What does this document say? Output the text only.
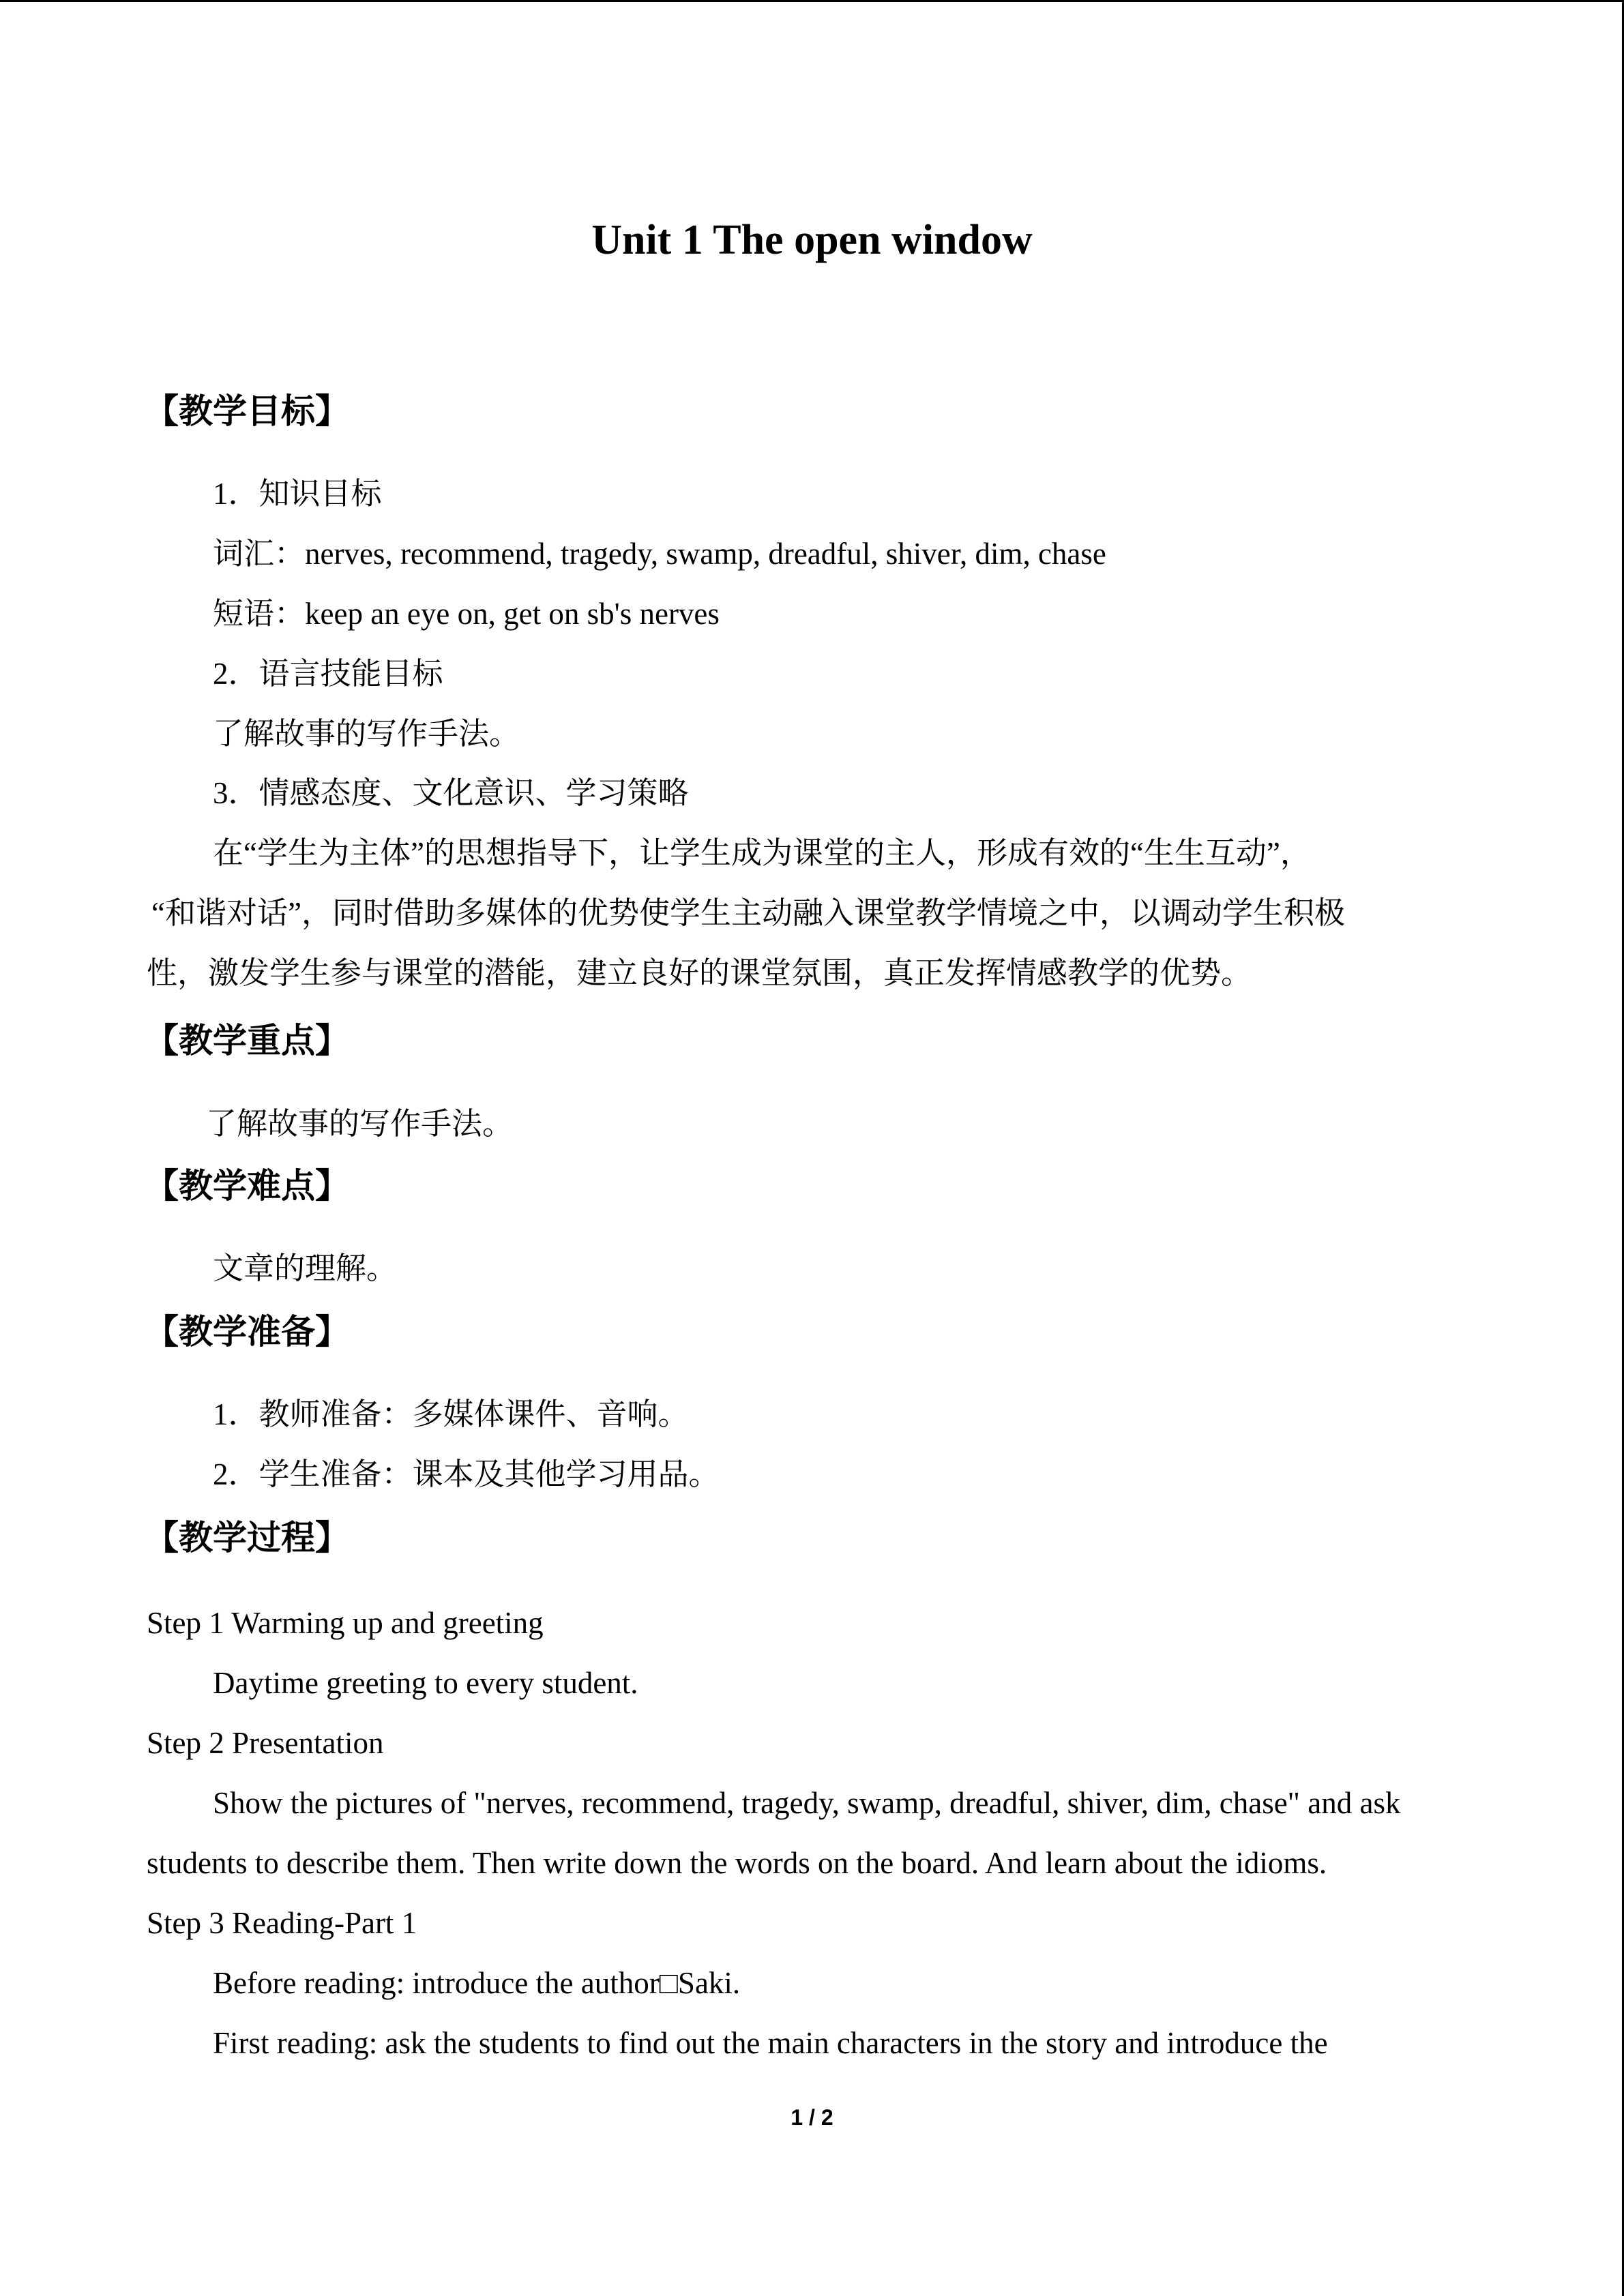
Unit 1 The open window
【教学目标】
1．知识目标
词汇：nerves, recommend, tragedy, swamp, dreadful, shiver, dim, chase
短语：keep an eye on, get on sb's nerves
2．语言技能目标
了解故事的写作手法。
3．情感态度、文化意识、学习策略
在“学生为主体”的思想指导下，让学生成为课堂的主人，形成有效的“生生互动”，
“和谐对话”，同时借助多媒体的优势使学生主动融入课堂教学情境之中，以调动学生积极
性，激发学生参与课堂的潜能，建立良好的课堂氛围，真正发挥情感教学的优势。
【教学重点】
了解故事的写作手法。
【教学难点】
文章的理解。
【教学准备】
1．教师准备：多媒体课件、音响。
2．学生准备：课本及其他学习用品。
【教学过程】
Step 1 Warming up and greeting
Daytime greeting to every student.
Step 2 Presentation
Show the pictures of "nerves, recommend, tragedy, swamp, dreadful, shiver, dim, chase" and ask
students to describe them. Then write down the words on the board. And learn about the idioms.
Step 3 Reading-Part 1
Before reading: introduce the author□Saki.
First reading: ask the students to find out the main characters in the story and introduce the
1 / 2
